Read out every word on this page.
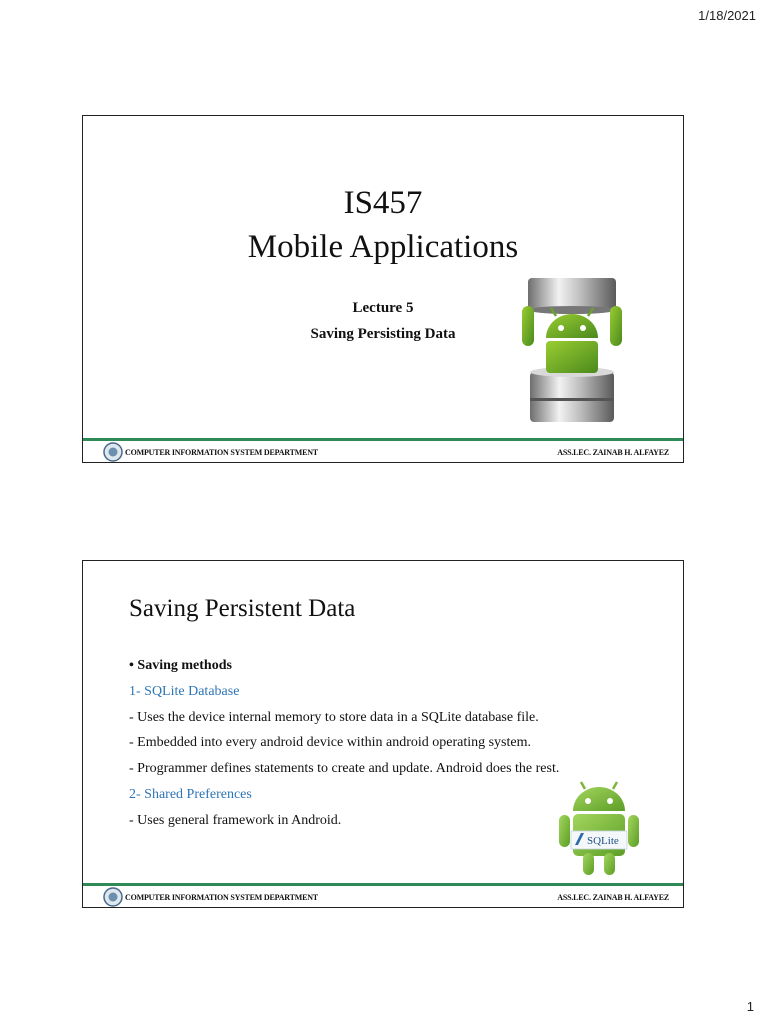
1/18/2021
IS457
Mobile Applications
Lecture 5
Saving Persisting Data
COMPUTER INFORMATION SYSTEM DEPARTMENT	ASS.LEC. ZAINAB H. ALFAYEZ
Saving Persistent Data
• Saving methods
1- SQLite Database
- Uses the device internal memory to store data in a SQLite database file.
- Embedded into every android device within android operating system.
- Programmer defines statements to create and update. Android does the rest.
2- Shared Preferences
- Uses general framework in Android.
SQLite
COMPUTER INFORMATION SYSTEM DEPARTMENT	ASS.LEC. ZAINAB H. ALFAYEZ
1
